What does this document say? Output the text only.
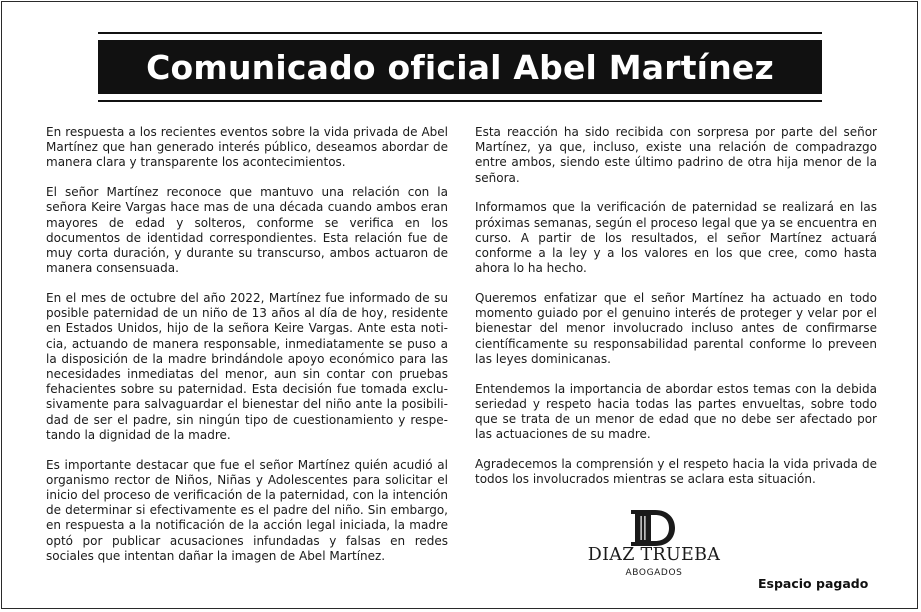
Comunicado oficial Abel Martínez

En respuesta a los recientes eventos sobre la vida privada de Abel Martínez que han generado interés público, deseamos abordar de manera clara y transparente los acontecimientos.

El señor Martínez reconoce que mantuvo una relación con la señora Keire Vargas hace mas de una década cuando ambos eran mayores de edad y solteros, conforme se verifica en los documentos de identidad correspondientes. Esta relación fue de muy corta duración, y durante su transcurso, ambos actuaron de manera consensuada.

En el mes de octubre del año 2022, Martínez fue informado de su posible paternidad de un niño de 13 años al día de hoy, residente en Estados Unidos, hijo de la señora Keire Vargas. Ante esta noticia, actuando de manera responsable, inmediatamente se puso a la disposición de la madre brindándole apoyo económico para las necesidades inmediatas del menor, aun sin contar con pruebas fehacientes sobre su paternidad. Esta decisión fue tomada exclusivamente para salvaguardar el bienestar del niño ante la posibilidad de ser el padre, sin ningún tipo de cuestionamiento y respetando la dignidad de la madre.

Es importante destacar que fue el señor Martínez quién acudió al organismo rector de Niños, Niñas y Adolescentes para solicitar el inicio del proceso de verificación de la paternidad, con la intención de determinar si efectivamente es el padre del niño. Sin embargo, en respuesta a la notificación de la acción legal iniciada, la madre optó por publicar acusaciones infundadas y falsas en redes sociales que intentan dañar la imagen de Abel Martínez.

Esta reacción ha sido recibida con sorpresa por parte del señor Martínez, ya que, incluso, existe una relación de compadrazgo entre ambos, siendo este último padrino de otra hija menor de la señora.

Informamos que la verificación de paternidad se realizará en las próximas semanas, según el proceso legal que ya se encuentra en curso. A partir de los resultados, el señor Martínez actuará conforme a la ley y a los valores en los que cree, como hasta ahora lo ha hecho.

Queremos enfatizar que el señor Martínez ha actuado en todo momento guiado por el genuino interés de proteger y velar por el bienestar del menor involucrado incluso antes de confirmarse científicamente su responsabilidad parental conforme lo preveen las leyes dominicanas.

Entendemos la importancia de abordar estos temas con la debida seriedad y respeto hacia todas las partes envueltas, sobre todo que se trata de un menor de edad que no debe ser afectado por las actuaciones de su madre.

Agradecemos la comprensión y el respeto hacia la vida privada de todos los involucrados mientras se aclara esta situación.

DIAZ TRUEBA
ABOGADOS
Espacio pagado
